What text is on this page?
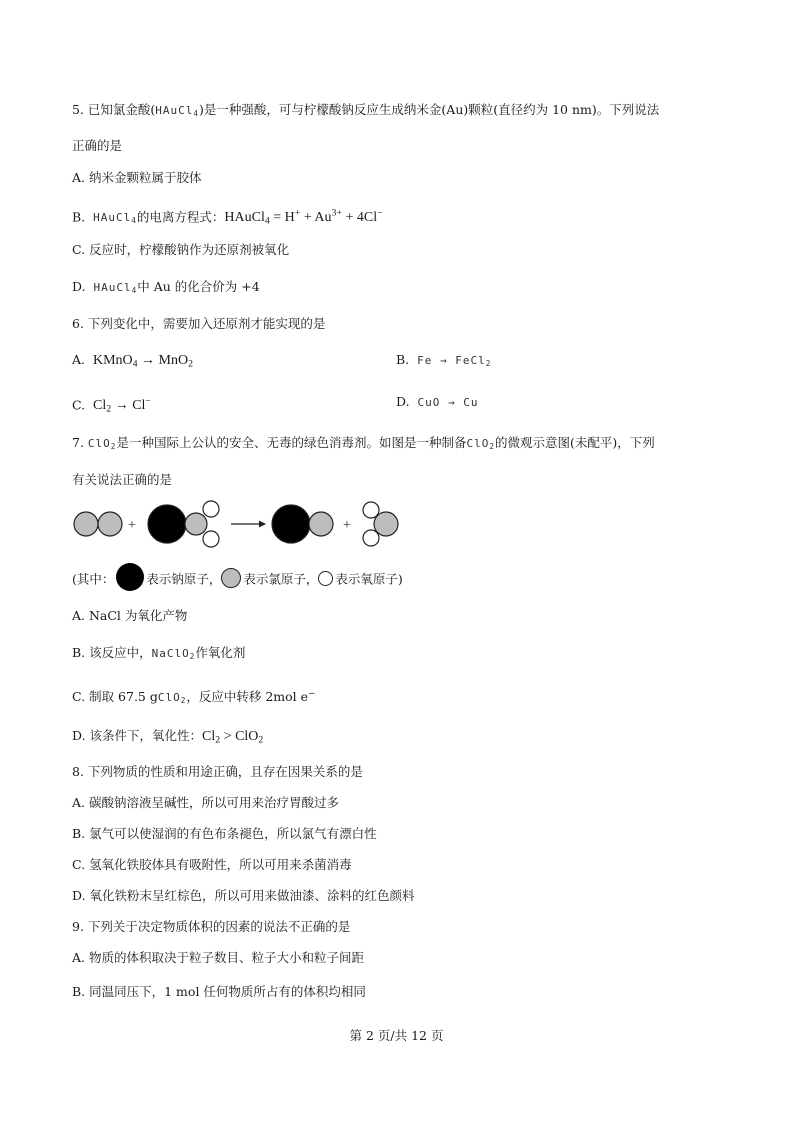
5. 已知氯金酸(HAuCl$_4$)是一种强酸，可与柠檬酸钠反应生成纳米金(Au)颗粒(直径约为 10 nm)。下列说法
正确的是
A. 纳米金颗粒属于胶体
B. HAuCl$_4$的电离方程式：HAuCl$_4$ = $H^+ + Au^{3+} + 4Cl^-$
C. 反应时，柠檬酸钠作为还原剂被氧化
D. HAuCl$_4$中 Au 的化合价为 +4
6. 下列变化中，需要加入还原剂才能实现的是
A. KMnO$_4$ → MnO$_2$	B. Fe → FeCl$_2$
C. $Cl_2 \to Cl^-$	D. CuO → Cu
7. ClO$_2$是一种国际上公认的安全、无毒的绿色消毒剂。如图是一种制备ClO$_2$的微观示意图(未配平)，下列
有关说法正确的是
+	+
(其中：	表示钠原子， 表示氯原子， 表示氧原子)
A. NaCl 为氧化产物
B. 该反应中，NaClO$_2$作氧化剂
C. 制取 67.5 gClO$_2$，反应中转移 2mol e−
D. 该条件下，氧化性：$Cl_2 > ClO_2$
8. 下列物质的性质和用途正确，且存在因果关系的是
A. 碳酸钠溶液呈碱性，所以可用来治疗胃酸过多
B. 氯气可以使湿润的有色布条褪色，所以氯气有漂白性
C. 氢氧化铁胶体具有吸附性，所以可用来杀菌消毒
D. 氧化铁粉末呈红棕色，所以可用来做油漆、涂料的红色颜料
9. 下列关于决定物质体积的因素的说法不正确的是
A. 物质的体积取决于粒子数目、粒子大小和粒子间距
B. 同温同压下，1 mol 任何物质所占有的体积均相同
第 2 页/共 12 页
